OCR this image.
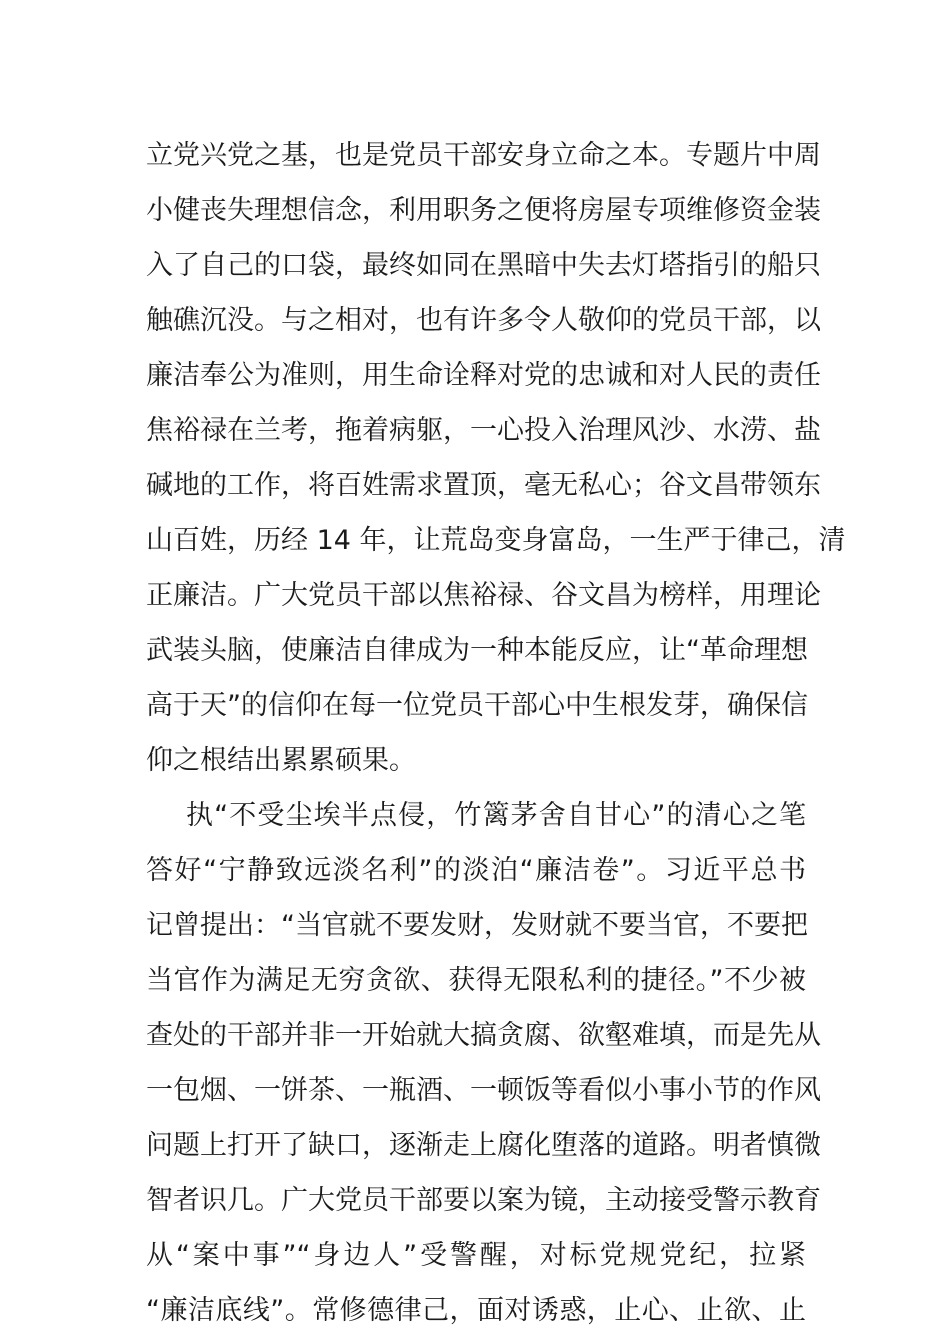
立党兴党之基，也是党员干部安身立命之本。专题片中周
小健丧失理想信念，利用职务之便将房屋专项维修资金装
入了自己的口袋，最终如同在黑暗中失去灯塔指引的船只
触礁沉没。与之相对，也有许多令人敬仰的党员干部，以
廉洁奉公为准则，用生命诠释对党的忠诚和对人民的责任
焦裕禄在兰考，拖着病躯，一心投入治理风沙、水涝、盐
碱地的工作，将百姓需求置顶，毫无私心；谷文昌带领东
山百姓，历经 14 年，让荒岛变身富岛，一生严于律己，清
正廉洁。广大党员干部以焦裕禄、谷文昌为榜样，用理论
武装头脑，使廉洁自律成为一种本能反应，让“革命理想
高于天”的信仰在每一位党员干部心中生根发芽，确保信
仰之根结出累累硕果。
执“不受尘埃半点侵，竹篱茅舍自甘心”的清心之笔
答好“宁静致远淡名利”的淡泊“廉洁卷”。习近平总书
记曾提出：“当官就不要发财，发财就不要当官，不要把
当官作为满足无穷贪欲、获得无限私利的捷径。”不少被
查处的干部并非一开始就大搞贪腐、欲壑难填，而是先从
一包烟、一饼茶、一瓶酒、一顿饭等看似小事小节的作风
问题上打开了缺口，逐渐走上腐化堕落的道路。明者慎微
智者识几。广大党员干部要以案为镜，主动接受警示教育
从“案中事”“身边人”受警醒，对标党规党纪，拉紧
“廉洁底线”。常修德律己，面对诱惑，止心、止欲、止
